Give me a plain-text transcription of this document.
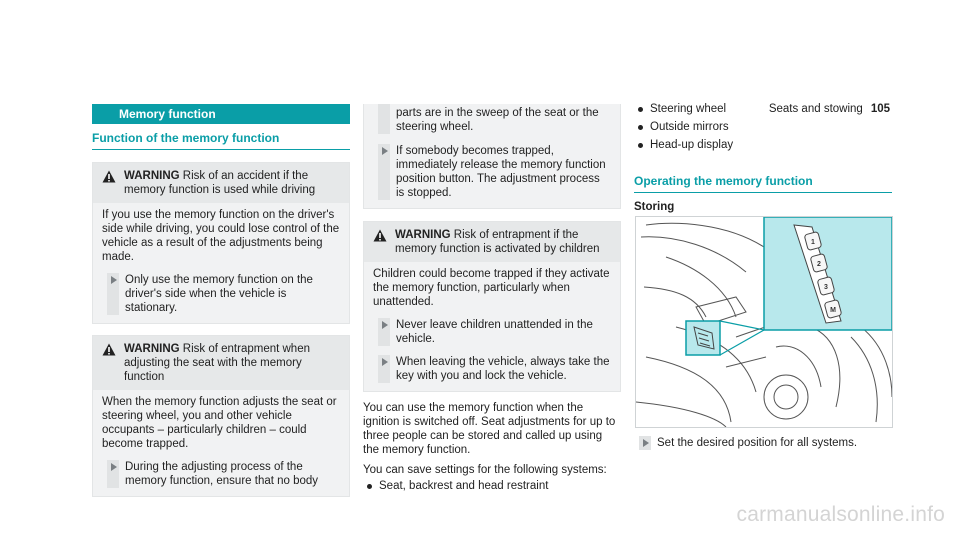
Seats and stowing 105
Memory function
Function of the memory function
WARNING Risk of an accident if the memory function is used while driving

If you use the memory function on the driver's side while driving, you could lose control of the vehicle as a result of the adjustments being made.

Only use the memory function on the driver's side when the vehicle is stationary.
WARNING Risk of entrapment when adjusting the seat with the memory function

When the memory function adjusts the seat or steering wheel, you and other vehicle occupants – particularly children – could become trapped.

During the adjusting process of the memory function, ensure that no body
parts are in the sweep of the seat or the steering wheel.
If somebody becomes trapped, immediately release the memory function position button. The adjustment process is stopped.
WARNING Risk of entrapment if the memory function is activated by children

Children could become trapped if they activate the memory function, particularly when unattended.

Never leave children unattended in the vehicle.
When leaving the vehicle, always take the key with you and lock the vehicle.

You can use the memory function when the ignition is switched off. Seat adjustments for up to three people can be stored and called up using the memory function.

You can save settings for the following systems:

Seat, backrest and head restraint
Steering wheel
Outside mirrors
Head-up display
Operating the memory function
Storing
1
2
3
M
Set the desired position for all systems.
carmanualsonline.info
